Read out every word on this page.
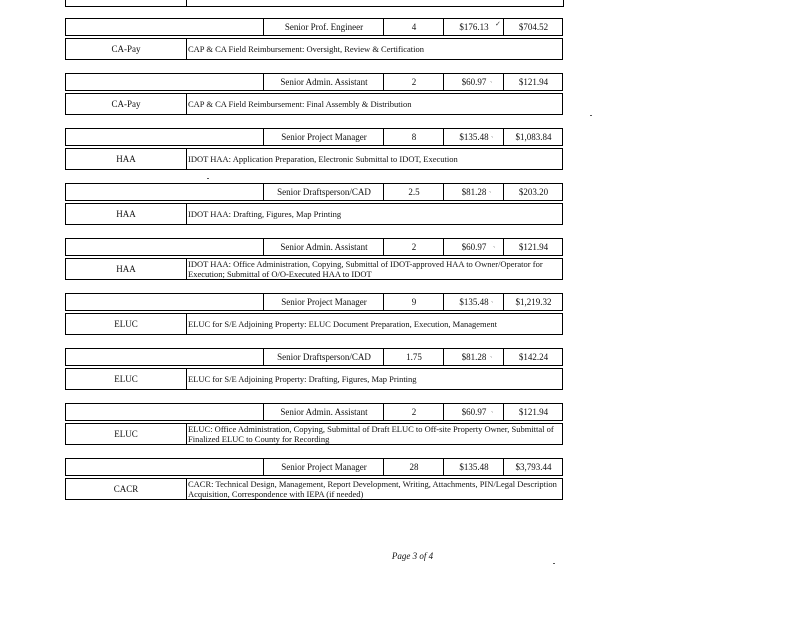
Senior Prof. Engineer	4	$176.13	$704.52
CA-Pay	CAP & CA Field Reimbursement: Oversight, Review & Certification
Senior Admin. Assistant	2	$60.97	$121.94
CA-Pay	CAP & CA Field Reimbursement: Final Assembly & Distribution
Senior Project Manager	8	$135.48	$1,083.84
HAA	IDOT HAA: Application Preparation, Electronic Submittal to IDOT, Execution
Senior Draftsperson/CAD	2.5	$81.28	$203.20
HAA	IDOT HAA: Drafting, Figures, Map Printing
Senior Admin. Assistant	2	$60.97	$121.94
HAA	IDOT HAA: Office Administration, Copying, Submittal of IDOT-approved HAA to Owner/Operator for Execution; Submittal of O/O-Executed HAA to IDOT
Senior Project Manager	9	$135.48	$1,219.32
ELUC	ELUC for S/E Adjoining Property: ELUC Document Preparation, Execution, Management
Senior Draftsperson/CAD	1.75	$81.28	$142.24
ELUC	ELUC for S/E Adjoining Property: Drafting, Figures, Map Printing
Senior Admin. Assistant	2	$60.97	$121.94
ELUC	ELUC: Office Administration, Copying, Submittal of Draft ELUC to Off-site Property Owner, Submittal of Finalized ELUC to County for Recording
Senior Project Manager	28	$135.48	$3,793.44
CACR	CACR: Technical Design, Management, Report Development, Writing, Attachments, PIN/Legal Description Acquisition, Correspondence with IEPA (if needed)
✓
ˎ
ˎ
ˎ
ˎ
ˎ
ˎ
ˎ
Page 3 of 4
